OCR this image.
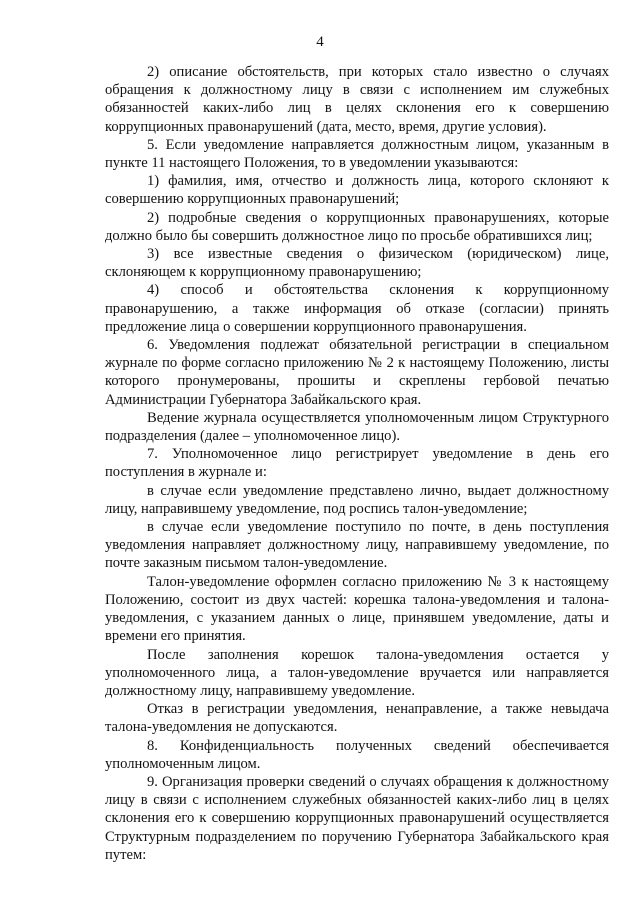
4

2) описание обстоятельств, при которых стало известно о случаях обращения к должностному лицу в связи с исполнением им служебных обязанностей каких-либо лиц в целях склонения его к совершению коррупционных правонарушений (дата, место, время, другие условия).

5. Если уведомление направляется должностным лицом, указанным в пункте 11 настоящего Положения, то в уведомлении указываются:

1) фамилия, имя, отчество и должность лица, которого склоняют к совершению коррупционных правонарушений;

2) подробные сведения о коррупционных правонарушениях, которые должно было бы совершить должностное лицо по просьбе обратившихся лиц;

3) все известные сведения о физическом (юридическом) лице, склоняющем к коррупционному правонарушению;

4) способ и обстоятельства склонения к коррупционному правонарушению, а также информация об отказе (согласии) принять предложение лица о совершении коррупционного правонарушения.

6. Уведомления подлежат обязательной регистрации в специальном журнале по форме согласно приложению № 2 к настоящему Положению, листы которого пронумерованы, прошиты и скреплены гербовой печатью Администрации Губернатора Забайкальского края.

Ведение журнала осуществляется уполномоченным лицом Структурного подразделения (далее – уполномоченное лицо).

7. Уполномоченное лицо регистрирует уведомление в день его поступления в журнале и:

в случае если уведомление представлено лично, выдает должностному лицу, направившему уведомление, под роспись талон-уведомление;

в случае если уведомление поступило по почте, в день поступления уведомления направляет должностному лицу, направившему уведомление, по почте заказным письмом талон-уведомление.

Талон-уведомление оформлен согласно приложению № 3 к настоящему Положению, состоит из двух частей: корешка талона-уведомления и талона-уведомления, с указанием данных о лице, принявшем уведомление, даты и времени его принятия.

После заполнения корешок талона-уведомления остается у уполномоченного лица, а талон-уведомление вручается или направляется должностному лицу, направившему уведомление.

Отказ в регистрации уведомления, ненаправление, а также невыдача талона-уведомления не допускаются.

8. Конфиденциальность полученных сведений обеспечивается уполномоченным лицом.

9. Организация проверки сведений о случаях обращения к должностному лицу в связи с исполнением служебных обязанностей каких-либо лиц в целях склонения его к совершению коррупционных правонарушений осуществляется Структурным подразделением по поручению Губернатора Забайкальского края путем:
